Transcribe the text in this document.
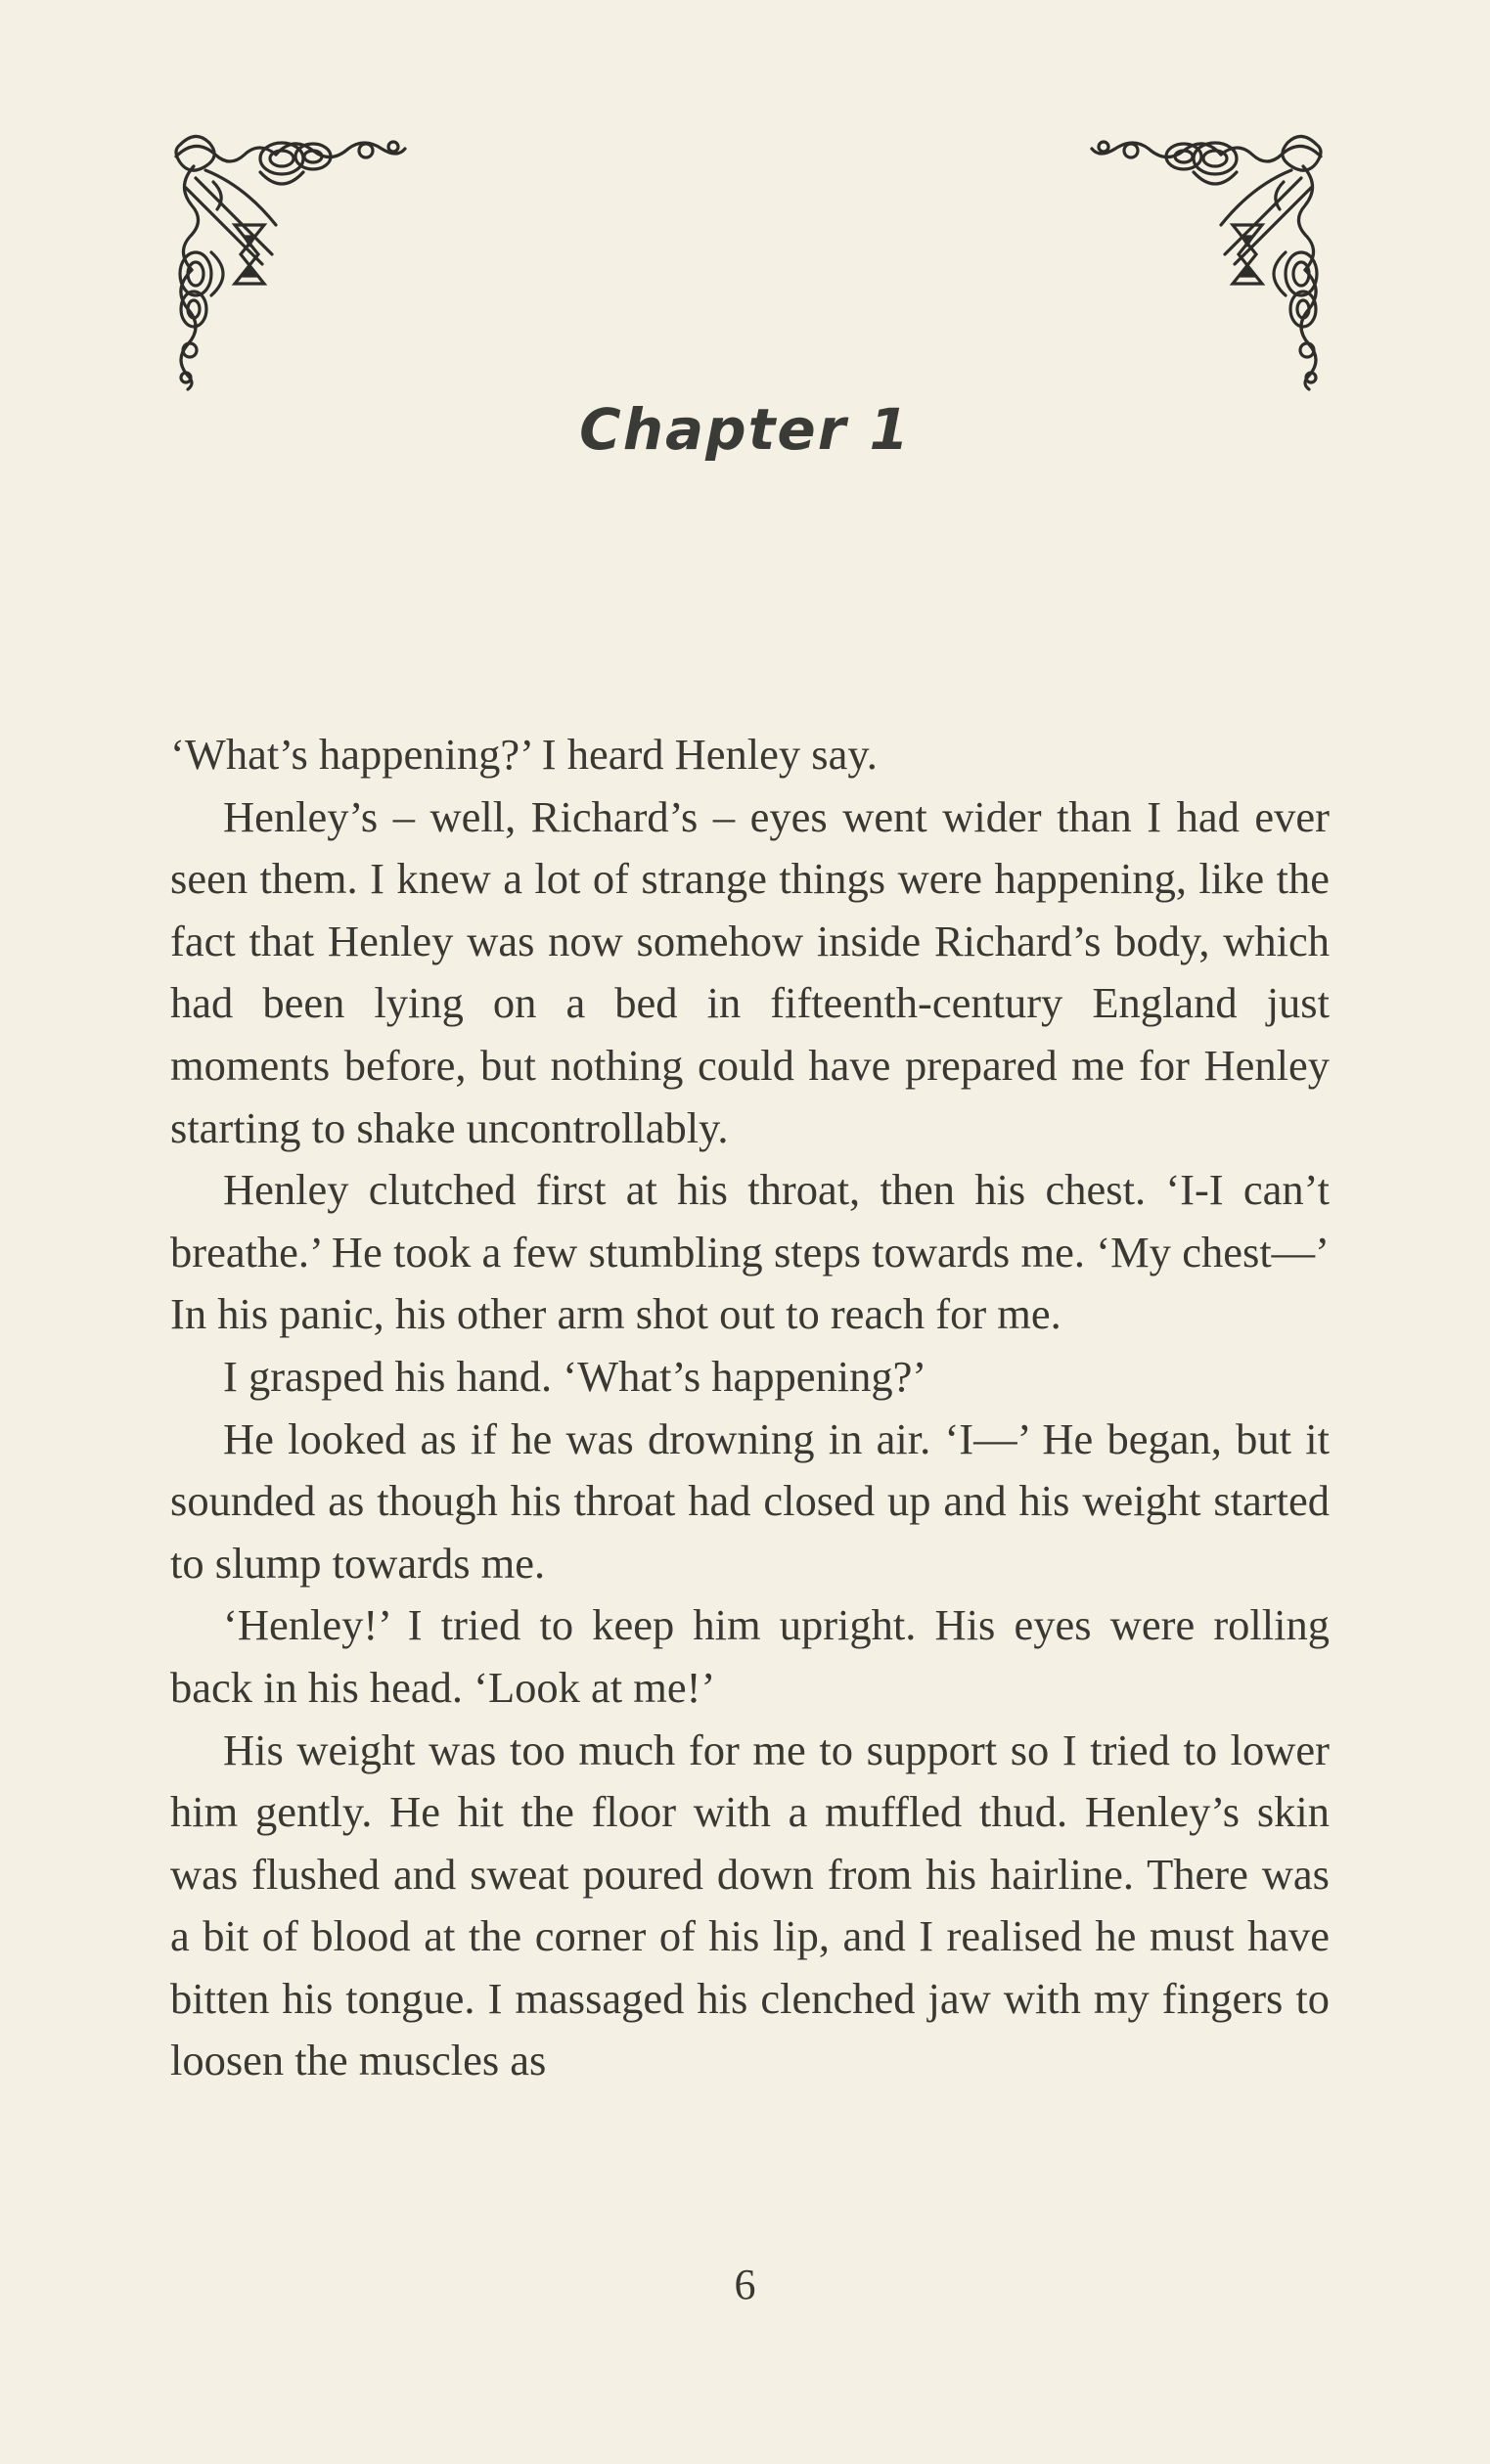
Chapter 1

‘What’s happening?’ I heard Henley say.

Henley’s – well, Richard’s – eyes went wider than I had ever seen them. I knew a lot of strange things were happening, like the fact that Henley was now somehow inside Richard’s body, which had been lying on a bed in fifteenth-century England just moments before, but nothing could have prepared me for Henley starting to shake uncontrollably.

Henley clutched first at his throat, then his chest. ‘I-I can’t breathe.’ He took a few stumbling steps towards me. ‘My chest—’ In his panic, his other arm shot out to reach for me.

I grasped his hand. ‘What’s happening?’

He looked as if he was drowning in air. ‘I—’ He began, but it sounded as though his throat had closed up and his weight started to slump towards me.

‘Henley!’ I tried to keep him upright. His eyes were rolling back in his head. ‘Look at me!’

His weight was too much for me to support so I tried to lower him gently. He hit the floor with a muffled thud. Henley’s skin was flushed and sweat poured down from his hairline. There was a bit of blood at the corner of his lip, and I realised he must have bitten his tongue. I massaged his clenched jaw with my fingers to loosen the muscles as

6
